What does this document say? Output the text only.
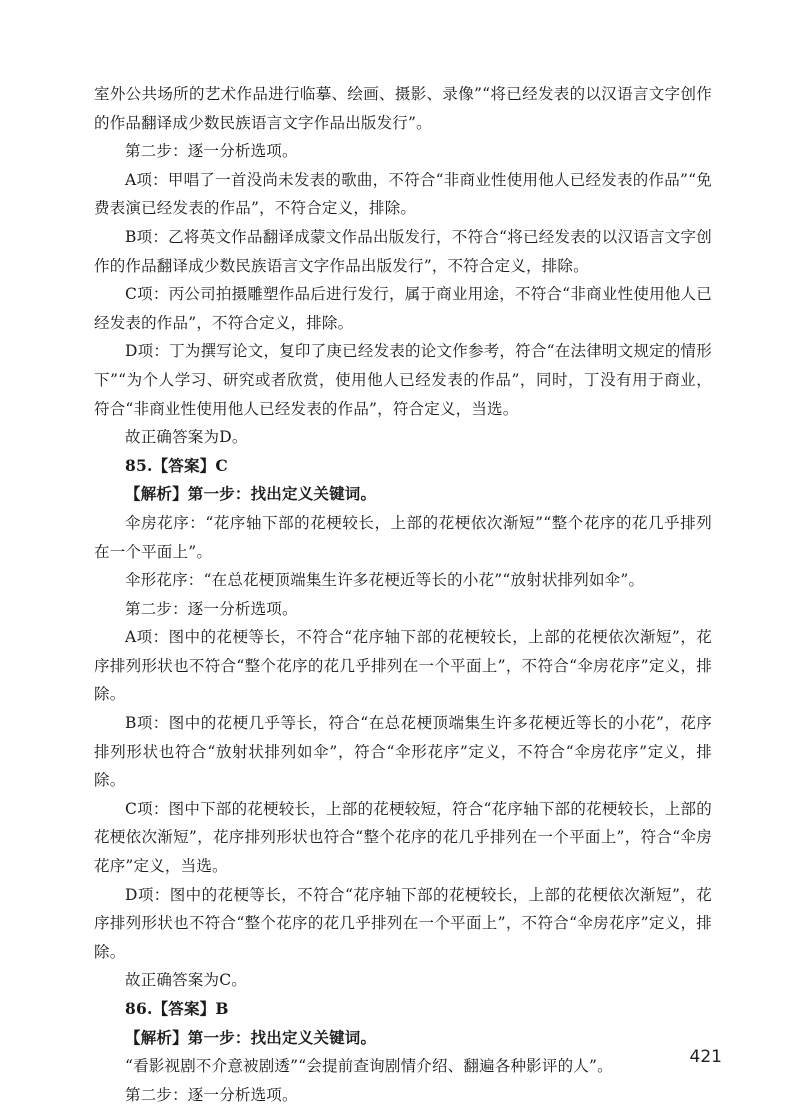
室外公共场所的艺术作品进行临摹、绘画、摄影、录像”“将已经发表的以汉语言文字创作的作品翻译成少数民族语言文字作品出版发行”。

第二步：逐一分析选项。

A项：甲唱了一首没尚未发表的歌曲，不符合“非商业性使用他人已经发表的作品”“免费表演已经发表的作品”，不符合定义，排除。

B项：乙将英文作品翻译成蒙文作品出版发行，不符合“将已经发表的以汉语言文字创作的作品翻译成少数民族语言文字作品出版发行”，不符合定义，排除。

C项：丙公司拍摄雕塑作品后进行发行，属于商业用途，不符合“非商业性使用他人已经发表的作品”，不符合定义，排除。

D项：丁为撰写论文，复印了庚已经发表的论文作参考，符合“在法律明文规定的情形下”“为个人学习、研究或者欣赏，使用他人已经发表的作品”，同时，丁没有用于商业，符合“非商业性使用他人已经发表的作品”，符合定义，当选。

故正确答案为D。

85.【答案】C

【解析】第一步：找出定义关键词。

伞房花序：“花序轴下部的花梗较长，上部的花梗依次渐短”“整个花序的花几乎排列在一个平面上”。

伞形花序：“在总花梗顶端集生许多花梗近等长的小花”“放射状排列如伞”。

第二步：逐一分析选项。

A项：图中的花梗等长，不符合“花序轴下部的花梗较长，上部的花梗依次渐短”，花序排列形状也不符合“整个花序的花几乎排列在一个平面上”，不符合“伞房花序”定义，排除。

B项：图中的花梗几乎等长，符合“在总花梗顶端集生许多花梗近等长的小花”，花序排列形状也符合“放射状排列如伞”，符合“伞形花序”定义，不符合“伞房花序”定义，排除。

C项：图中下部的花梗较长，上部的花梗较短，符合“花序轴下部的花梗较长，上部的花梗依次渐短”，花序排列形状也符合“整个花序的花几乎排列在一个平面上”，符合“伞房花序”定义，当选。

D项：图中的花梗等长，不符合“花序轴下部的花梗较长，上部的花梗依次渐短”，花序排列形状也不符合“整个花序的花几乎排列在一个平面上”，不符合“伞房花序”定义，排除。

故正确答案为C。

86.【答案】B

【解析】第一步：找出定义关键词。

“看影视剧不介意被剧透”“会提前查询剧情介绍、翻遍各种影评的人”。

第二步：逐一分析选项。

421
